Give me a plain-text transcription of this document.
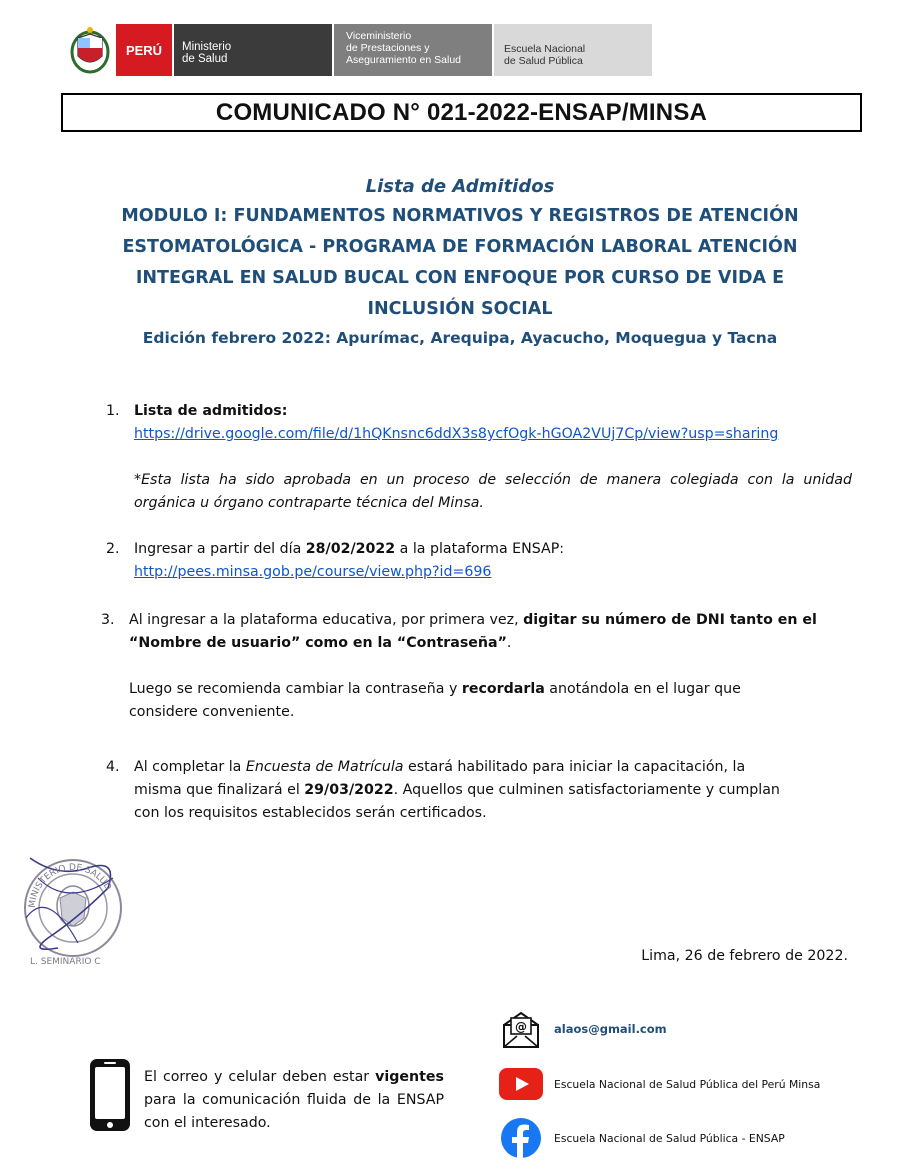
PERÚ Ministerio
de Salud
Viceministerio
de Prestaciones y
Aseguramiento en Salud
Escuela Nacional
de Salud Pública
COMUNICADO N° 021-2022-ENSAP/MINSA
Lista de Admitidos
MODULO I: FUNDAMENTOS NORMATIVOS Y REGISTROS DE ATENCIÓN
ESTOMATOLÓGICA - PROGRAMA DE FORMACIÓN LABORAL ATENCIÓN
INTEGRAL EN SALUD BUCAL CON ENFOQUE POR CURSO DE VIDA E
INCLUSIÓN SOCIAL
Edición febrero 2022: Apurímac, Arequipa, Ayacucho, Moquegua y Tacna
1. Lista de admitidos:
https://drive.google.com/file/d/1hQKnsnc6ddX3s8ycfOgk-hGOA2VUj7Cp/view?usp=sharing
*Esta lista ha sido aprobada en un proceso de selección de manera colegiada con la unidad orgánica u órgano contraparte técnica del Minsa.
2. Ingresar a partir del día 28/02/2022 a la plataforma ENSAP:
http://pees.minsa.gob.pe/course/view.php?id=696
3. Al ingresar a la plataforma educativa, por primera vez, digitar su número de DNI tanto en el
“Nombre de usuario” como en la “Contraseña”.
Luego se recomienda cambiar la contraseña y recordarla anotándola en el lugar que
considere conveniente.
4. Al completar la Encuesta de Matrícula estará habilitado para iniciar la capacitación, la
misma que finalizará el 29/03/2022. Aquellos que culminen satisfactoriamente y cumplan
con los requisitos establecidos serán certificados.
MINISTERIO DE SALUD
L. SEMINARIO C	Lima, 26 de febrero de 2022.
@ alaos@gmail.com
Escuela Nacional de Salud Pública del Perú Minsa
Escuela Nacional de Salud Pública - ENSAP
El correo y celular deben estar vigentes para la comunicación fluida de la ENSAP con el interesado.
